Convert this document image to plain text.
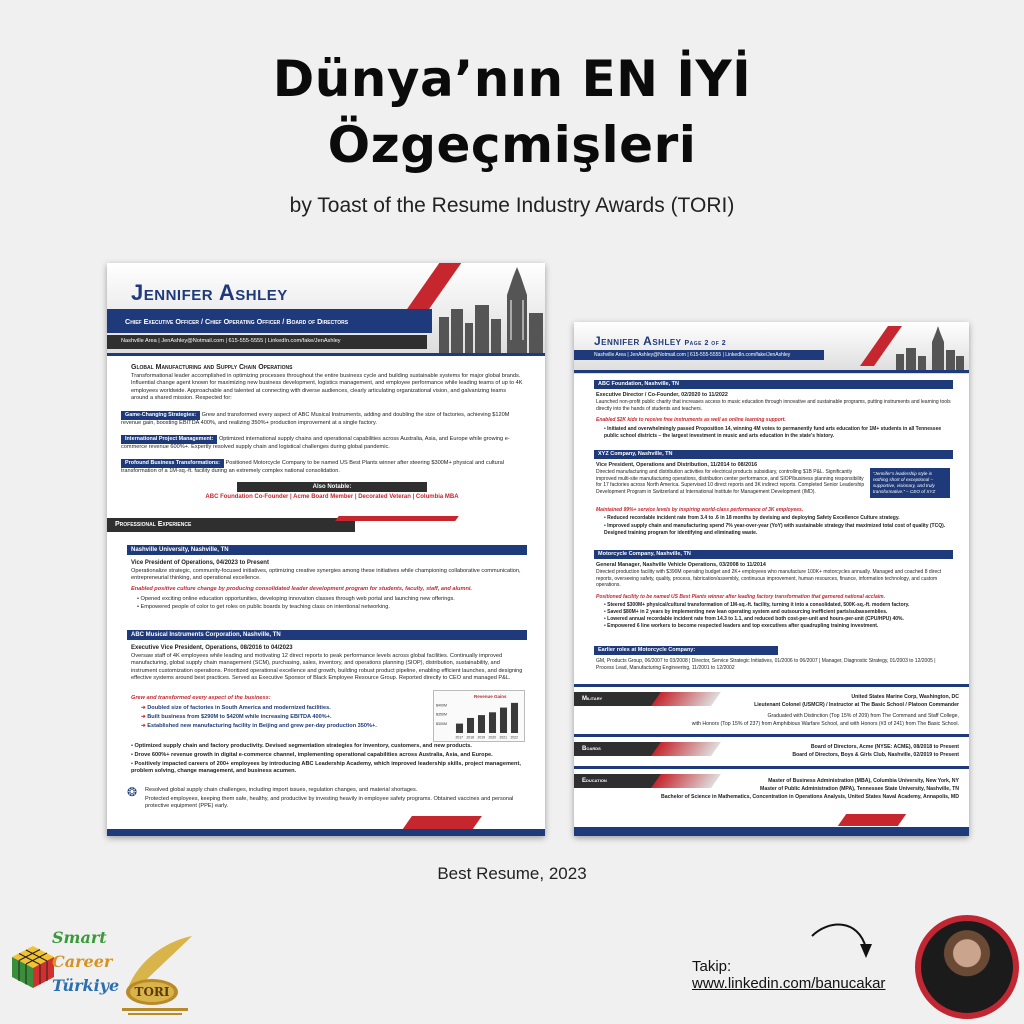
Dünya’nın EN İYİ
Özgeçmişleri
by Toast of the Resume Industry Awards (TORI)
Jennifer Ashley
Chief Executive Officer / Chief Operating Officer / Board of Directors
Nashville Area | JenAshley@Notmail.com | 615-555-5555 | LinkedIn.com/fake/JenAshley
Global Manufacturing and Supply Chain Operations
Transformational leader accomplished in optimizing processes throughout the entire business cycle and building sustainable systems for major global brands. Influential change agent known for maximizing new business development, logistics management, and employee performance while leading teams of up to 4K employees worldwide. Approachable and talented at connecting with diverse audiences, clearly articulating organizational vision, and galvanizing teams around a shared mission. Respected for:
Game-Changing Strategies: Grew and transformed every aspect of ABC Musical Instruments, adding and doubling the size of factories, achieving $120M revenue gain, boosting EBITDA 400%, and realizing 350%+ production improvement at a single factory.
International Project Management: Optimized international supply chains and operational capabilities across Australia, Asia, and Europe while growing e-commerce revenue 600%+. Expertly resolved supply chain and logistical challenges during global pandemic.
Profound Business Transformations: Positioned Motorcycle Company to be named US Best Plants winner after steering $300M+ physical and cultural transformation of a 1M-sq.-ft. facility during an extremely complex national consolidation.
Also Notable:
ABC Foundation Co-Founder | Acme Board Member | Decorated Veteran | Columbia MBA
Professional Experience
Nashville University, Nashville, TN
Vice President of Operations, 04/2023 to Present
Operationalize strategic, community-focused initiatives, optimizing creative synergies among these initiatives while championing collaborative communication, entrepreneurial thinking, and operational excellence.
Enabled positive culture change by producing consolidated leader development program for students, faculty, staff, and alumni.
• Opened exciting online education opportunities, developing innovation classes through web portal and launching new offerings.
• Empowered people of color to get roles on public boards by teaching class on intentional networking.
ABC Musical Instruments Corporation, Nashville, TN
Executive Vice President, Operations, 08/2016 to 04/2023
Oversaw staff of 4K employees while leading and motivating 12 direct reports to peak performance levels across global facilities. Continually improved manufacturing, global supply chain management (SCM), purchasing, sales, inventory, and operations planning (SIOP), distribution, sustainability, and instrument customization operations. Prioritized operational excellence and growth, building robust product pipeline, enabling efficient launches, and designing effective systems around best practices. Served as Executive Sponsor of Black Employee Resource Group. Reported directly to CEO and managed P&L.
Grew and transformed every aspect of the business:
➔ Doubled size of factories in South America and modernized facilities.
➔ Built business from $290M to $420M while increasing EBITDA 400%+.
➔ Established new manufacturing facility in Beijing and grew per-day production 350%+.
Revenue Gains
$400M
$350M
$300M
2017 2018 2019 2020 2021 2022
• Optimized supply chain and factory productivity. Devised segmentation strategies for inventory, customers, and new products.
• Drove 600%+ revenue growth in digital e-commerce channel, implementing operational capabilities across Australia, Asia, and Europe.
• Positively impacted careers of 200+ employees by introducing ABC Leadership Academy, which improved leadership skills, project management, problem solving, change management, and business acumen.
❂ Resolved global supply chain challenges, including import issues, regulation changes, and material shortages.
Protected employees, keeping them safe, healthy, and productive by investing heavily in employee safety programs. Obtained vaccines and personal protective equipment (PPE) early.
Jennifer Ashley Page 2 of 2
Nashville Area | JenAshley@Notmail.com | 615-555-5555 | LinkedIn.com/fake/JenAshley
ABC Foundation, Nashville, TN
Executive Director / Co-Founder, 02/2020 to 11/2022
Launched non-profit public charity that increases access to music education through innovative and sustainable programs, putting instruments and learning tools directly into the hands of students and teachers.
Enabled $2K kids to receive free instruments as well as online learning support.
• Initiated and overwhelmingly passed Proposition 14, winning 4M votes to permanently fund arts education for 1M+ students in all Tennessee public school districts – the largest investment in music and arts education in the state’s history.
XYZ Company, Nashville, TN
Vice President, Operations and Distribution, 11/2014 to 08/2016
Directed manufacturing and distribution activities for electrical products subsidiary, controlling $1B P&L. Significantly improved multi-site manufacturing operations, distribution center performance, and SIOP/business planning responsibility for 17 factories across North America. Supervised 10 direct reports and 3K indirect reports. Completed Senior Leadership Development Program in Switzerland at International Institute for Management Development (IMD).
“Jennifer’s leadership style is nothing short of exceptional – supportive, visionary, and truly transformative.” – CEO of XYZ
Maintained 99%+ service levels by inspiring world-class performance of 3K employees.
• Reduced recordable incident rate from 3.4 to .6 in 18 months by devising and deploying Safety Excellence Culture strategy.
• Improved supply chain and manufacturing spend 7% year-over-year (YoY) with sustainable strategy that maximized total cost of quality (TCQ). Designed training program for identifying and eliminating waste.
Motorcycle Company, Nashville, TN
General Manager, Nashville Vehicle Operations, 03/2008 to 11/2014
Directed production facility with $390M operating budget and 2K+ employees who manufacture 100K+ motorcycles annually. Managed and coached 8 direct reports, overseeing safety, quality, process, fabrication/assembly, continuous improvement, human resources, finance, information technology, and custom operations.
Positioned facility to be named US Best Plants winner after leading factory transformation that garnered national acclaim.
• Steered $300M+ physical/cultural transformation of 1M-sq.-ft. facility, turning it into a consolidated, 500K-sq.-ft. modern factory.
• Saved $80M+ in 2 years by implementing new lean operating system and outsourcing inefficient parts/subassemblies.
• Lowered annual recordable incident rate from 14.3 to 1.1, and reduced both cost-per-unit and hours-per-unit (CPU/HPU) 40%.
• Empowered 6 line workers to become respected leaders and top executives after quadrupling training investment.
Earlier roles at Motorcycle Company:
GM, Products Group, 06/2007 to 03/2008 | Director, Service Strategic Initiatives, 01/2006 to 06/2007 | Manager, Diagnostic Strategy, 01/2003 to 12/2005 | Process Lead, Manufacturing Engineering, 11/2001 to 12/2002
Military	United States Marine Corp, Washington, DC
Lieutenant Colonel (USMCR) / Instructor at The Basic School / Platoon Commander
Graduated with Distinction (Top 15% of 209) from The Command and Staff College,
with Honors (Top 15% of 237) from Amphibious Warfare School, and with Honors (#3 of 241) from The Basic School.
Boards	Board of Directors, Acme (NYSE: ACME), 08/2018 to Present
Board of Directors, Boys & Girls Club, Nashville, 02/2019 to Present
Education	Master of Business Administration (MBA), Columbia University, New York, NY
Master of Public Administration (MPA), Tennessee State University, Nashville, TN
Bachelor of Science in Mathematics, Concentration in Operations Analysis, United States Naval Academy, Annapolis, MD
Best Resume, 2023
Smart
Career
Türkiye	TORI
Takip:
www.linkedin.com/banucakar
